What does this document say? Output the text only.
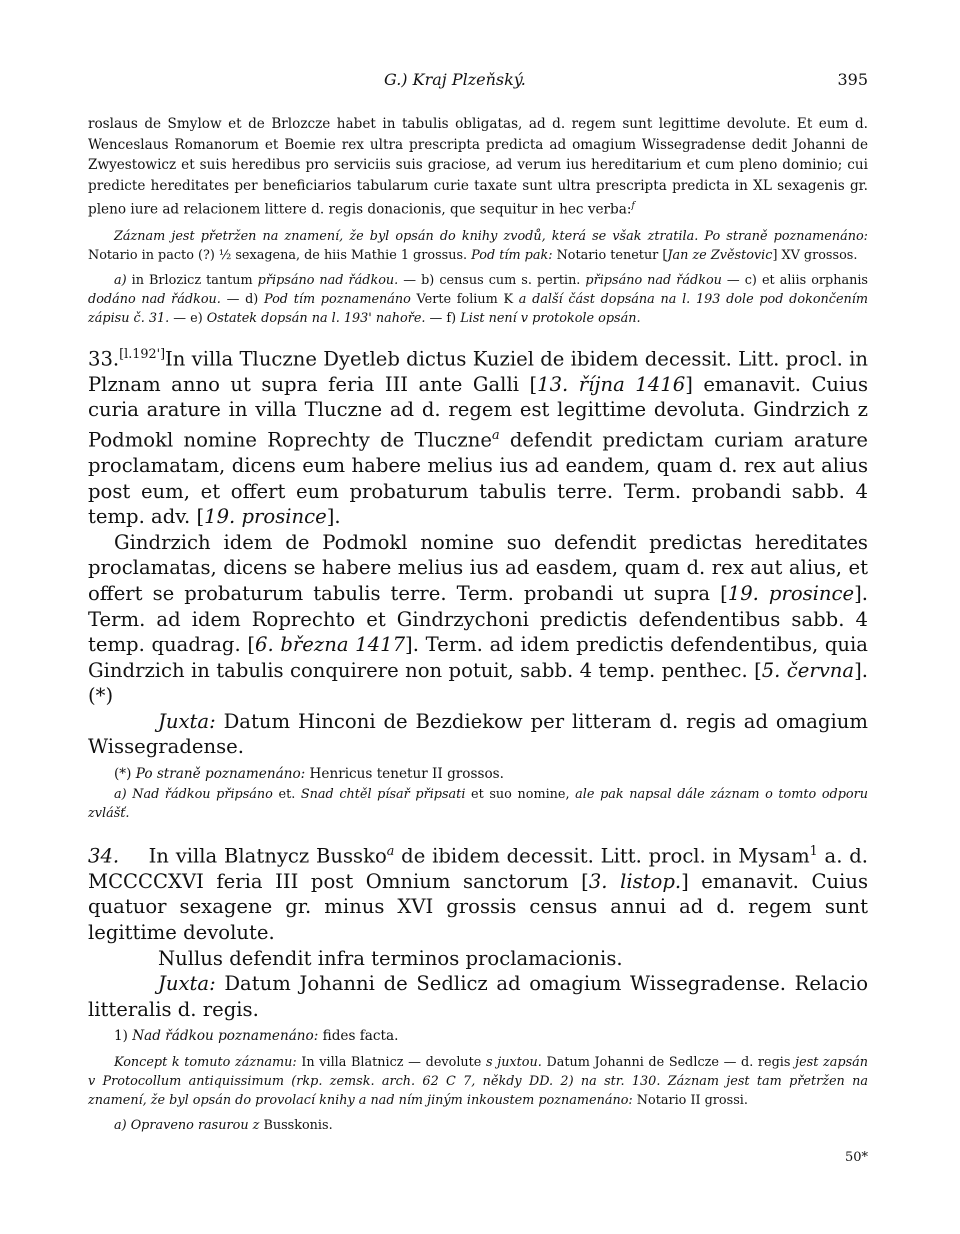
G.) Kraj Plzeňský.	395

roslaus de Smylow et de Brlozcze habet in tabulis obligatas, ad d. regem sunt legittime devolute. Et eum d. Wenceslaus Romanorum et Boemie rex ultra prescripta predicta ad omagium Wissegradense dedit Johanni de Zwyestowicz et suis heredibus pro serviciis suis graciose, ad verum ius hereditarium et cum pleno dominio; cui predicte hereditates per beneficiarios tabularum curie taxate sunt ultra prescripta predicta in XL sexagenis gr. pleno iure ad relacionem littere d. regis donacionis, que sequitur in hec verba:$^f$

Záznam jest přetržen na znamení, že byl opsán do knihy zvodů, která se však ztratila. Po straně poznamenáno: Notario in pacto (?) ½ sexagena, de hiis Mathie 1 grossus. Pod tím pak: Notario tenetur [Jan ze Zvěstovic] XV grossos.

a) in Brlozicz tantum připsáno nad řádkou. — b) census cum s. pertin. připsáno nad řádkou — c) et aliis orphanis dodáno nad řádkou. — d) Pod tím poznamenáno Verte folium K a další část dopsána na l. 193 dole pod dokončením zápisu č. 31. — e) Ostatek dopsán na l. 193' nahoře. — f) List není v protokole opsán.

33.[l.192']In villa Tluczne Dyetleb dictus Kuziel de ibidem decessit. Litt. procl. in Plznam anno ut supra feria III ante Galli [13. října 1416] emanavit. Cuius curia arature in villa Tluczne ad d. regem est legittime devoluta. Gindrzich z Podmokl nomine Roprechty de Tluczne$^a$ defendit predictam curiam arature proclamatam, dicens eum habere melius ius ad eandem, quam d. rex aut alius post eum, et offert eum probaturum tabulis terre. Term. probandi sabb. 4 temp. adv. [19. prosince].

Gindrzich idem de Podmokl nomine suo defendit predictas hereditates proclamatas, dicens se habere melius ius ad easdem, quam d. rex aut alius, et offert se probaturum tabulis terre. Term. probandi ut supra [19. prosince]. Term. ad idem Roprechto et Gindrzychoni predictis defendentibus sabb. 4 temp. quadrag. [6. března 1417]. Term. ad idem predictis defendentibus, quia Gindrzich in tabulis conquirere non potuit, sabb. 4 temp. penthec. [5. června].(*)

Juxta: Datum Hinconi de Bezdiekow per litteram d. regis ad omagium Wissegradense.

(*) Po straně poznamenáno: Henricus tenetur II grossos.

a) Nad řádkou připsáno et. Snad chtěl písař připsati et suo nomine, ale pak napsal dále záznam o tomto odporu zvlášť.

34.   In villa Blatnycz Bussko$^a$ de ibidem decessit. Litt. procl. in Mysam$^1$ a. d. MCCCCXVI feria III post Omnium sanctorum [3. listop.] emanavit. Cuius quatuor sexagene gr. minus XVI grossis census annui ad d. regem sunt legittime devolute.

Nullus defendit infra terminos proclamacionis.

Juxta: Datum Johanni de Sedlicz ad omagium Wissegradense. Relacio litteralis d. regis.

1) Nad řádkou poznamenáno: fides facta.

Koncept k tomuto záznamu: In villa Blatnicz — devolute s juxtou. Datum Johanni de Sedlcze — d. regis jest zapsán v Protocollum antiquissimum (rkp. zemsk. arch. 62 C 7, někdy DD. 2) na str. 130. Záznam jest tam přetržen na znamení, že byl opsán do provolací knihy a nad ním jiným inkoustem poznamenáno: Notario II grossi.

a) Opraveno rasurou z Busskonis.

50*
